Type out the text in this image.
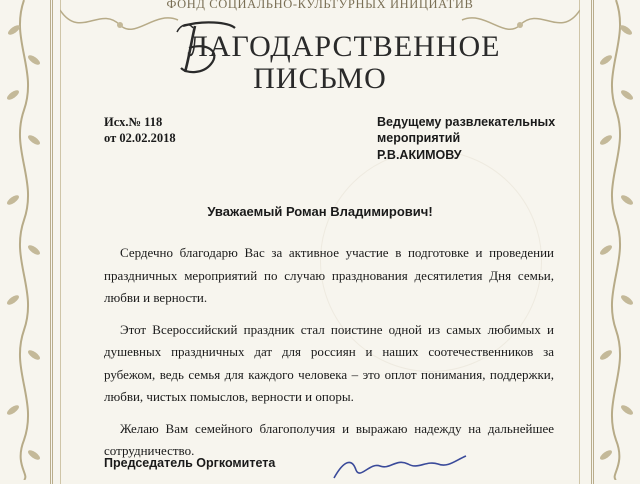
ФОНД СОЦИАЛЬНО-КУЛЬТУРНЫХ ИНИЦИАТИВ
ЛАГОДАРСТВЕННОЕ
ПИСЬМО
Исх.№ 118
от 02.02.2018
Ведущему развлекательных
мероприятий
Р.В.АКИМОВУ
Уважаемый Роман Владимирович!

Сердечно благодарю Вас за активное участие в подготовке и проведении праздничных мероприятий по случаю празднования десятилетия Дня семьи, любви и верности.

Этот Всероссийский праздник стал поистине одной из самых любимых и душевных праздничных дат для россиян и наших соотечественников за рубежом, ведь семья для каждого человека – это оплот понимания, поддержки, любви, чистых помыслов, верности и опоры.

Желаю Вам семейного благополучия и выражаю надежду на дальнейшее сотрудничество.

Председатель Оргкомитета
